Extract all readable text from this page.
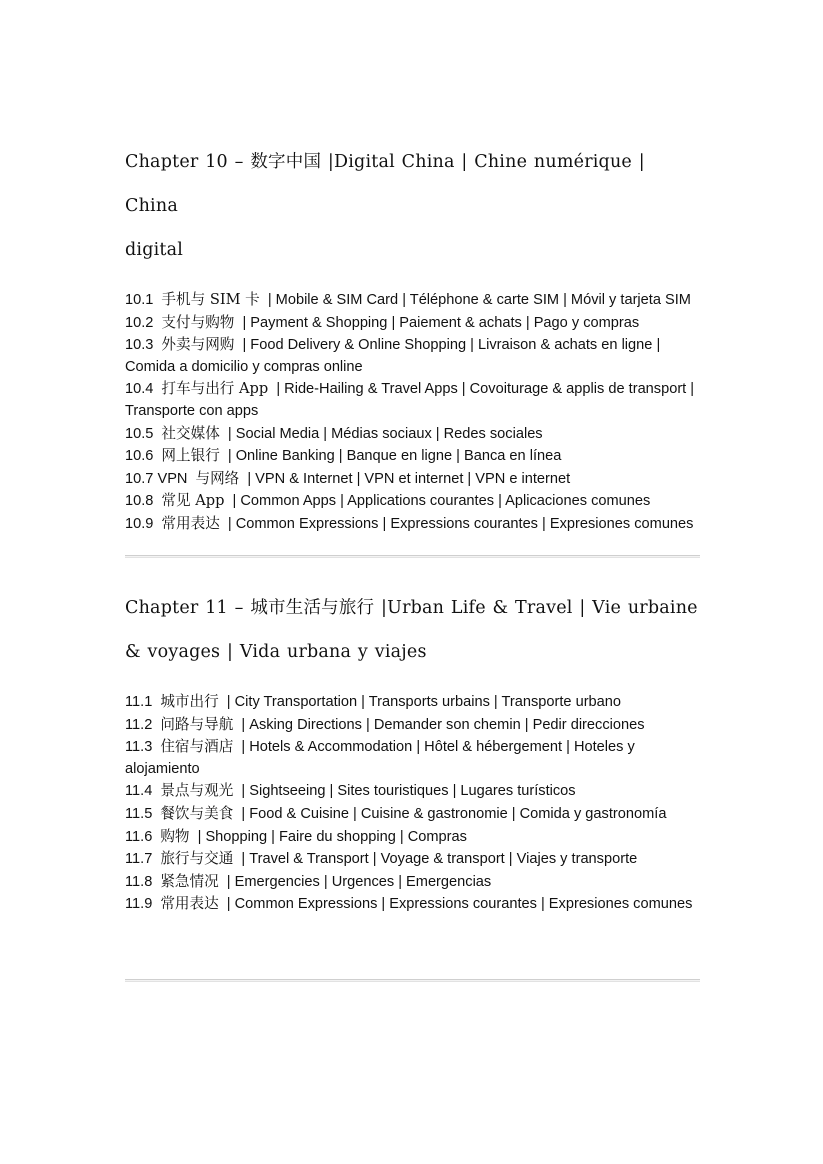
Chapter 10 – 数字中国 |Digital China | Chine numérique | China
digital
10.1 手机与 SIM 卡 | Mobile & SIM Card | Téléphone & carte SIM | Móvil y tarjeta SIM
10.2 支付与购物 | Payment & Shopping | Paiement & achats | Pago y compras
10.3 外卖与网购 | Food Delivery & Online Shopping | Livraison & achats en ligne | Comida a domicilio y compras online
10.4 打车与出行 App | Ride-Hailing & Travel Apps | Covoiturage & applis de transport | Transporte con apps
10.5 社交媒体 | Social Media | Médias sociaux | Redes sociales
10.6 网上银行 | Online Banking | Banque en ligne | Banca en línea
10.7 VPN 与网络 | VPN & Internet | VPN et internet | VPN e internet
10.8 常见 App | Common Apps | Applications courantes | Aplicaciones comunes
10.9 常用表达 | Common Expressions | Expressions courantes | Expresiones comunes
Chapter 11 – 城市生活与旅行 |Urban Life & Travel | Vie urbaine
& voyages | Vida urbana y viajes
11.1 城市出行 | City Transportation | Transports urbains | Transporte urbano
11.2 问路与导航 | Asking Directions | Demander son chemin | Pedir direcciones
11.3 住宿与酒店 | Hotels & Accommodation | Hôtel & hébergement | Hoteles y alojamiento
11.4 景点与观光 | Sightseeing | Sites touristiques | Lugares turísticos
11.5 餐饮与美食 | Food & Cuisine | Cuisine & gastronomie | Comida y gastronomía
11.6 购物 | Shopping | Faire du shopping | Compras
11.7 旅行与交通 | Travel & Transport | Voyage & transport | Viajes y transporte
11.8 紧急情况 | Emergencies | Urgences | Emergencias
11.9 常用表达 | Common Expressions | Expressions courantes | Expresiones comunes
